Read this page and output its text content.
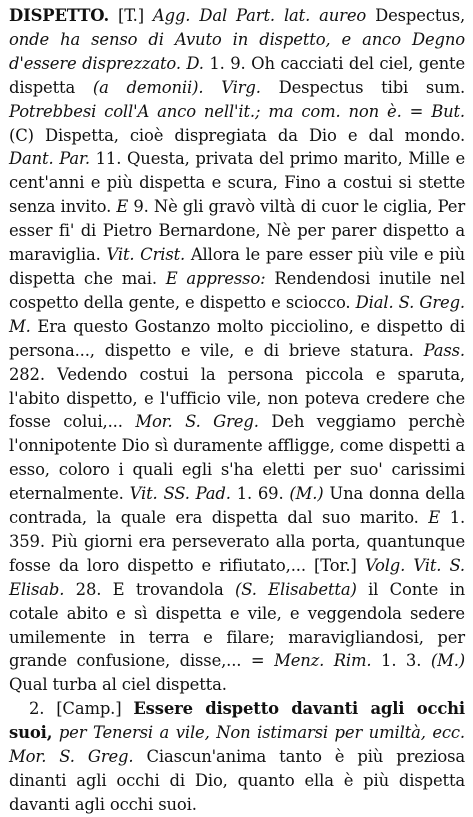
DISPETTO. [T.] Agg. Dal Part. lat. aureo Despectus, onde ha senso di Avuto in dispetto, e anco Degno d'essere disprezzato. D. 1. 9. Oh cacciati del ciel, gente dispetta (a demonii). Virg. Despectus tibi sum. Potrebbesi coll'A anco nell'it.; ma com. non è. = But. (C) Dispetta, cioè dispregiata da Dio e dal mondo. Dant. Par. 11. Questa, privata del primo marito, Mille e cent'anni e più dispetta e scura, Fino a costui si stette senza invito. E 9. Nè gli gravò viltà di cuor le ciglia, Per esser fi' di Pietro Bernardone, Nè per parer dispetto a maraviglia. Vit. Crist. Allora le pare esser più vile e più dispetta che mai. E appresso: Rendendosi inutile nel cospetto della gente, e dispetto e sciocco. Dial. S. Greg. M. Era questo Gostanzo molto picciolino, e dispetto di persona..., dispetto e vile, e di brieve statura. Pass. 282. Vedendo costui la persona piccola e sparuta, l'abito dispetto, e l'ufficio vile, non poteva credere che fosse colui,... Mor. S. Greg. Deh veggiamo perchè l'onnipotente Dio sì duramente affligge, come dispetti a esso, coloro i quali egli s'ha eletti per suo' carissimi eternalmente. Vit. SS. Pad. 1. 69. (M.) Una donna della contrada, la quale era dispetta dal suo marito. E 1. 359. Più giorni era perseverato alla porta, quantunque fosse da loro dispetto e rifiutato,... [Tor.] Volg. Vit. S. Elisab. 28. E trovandola (S. Elisabetta) il Conte in cotale abito e sì dispetta e vile, e veggendola sedere umilemente in terra e filare; maravigliandosi, per grande confusione, disse,... = Menz. Rim. 1. 3. (M.) Qual turba al ciel dispetta.

2. [Camp.] Essere dispetto davanti agli occhi suoi, per Tenersi a vile, Non istimarsi per umiltà, ecc. Mor. S. Greg. Ciascun'anima tanto è più preziosa dinanti agli occhi di Dio, quanto ella è più dispetta davanti agli occhi suoi.
